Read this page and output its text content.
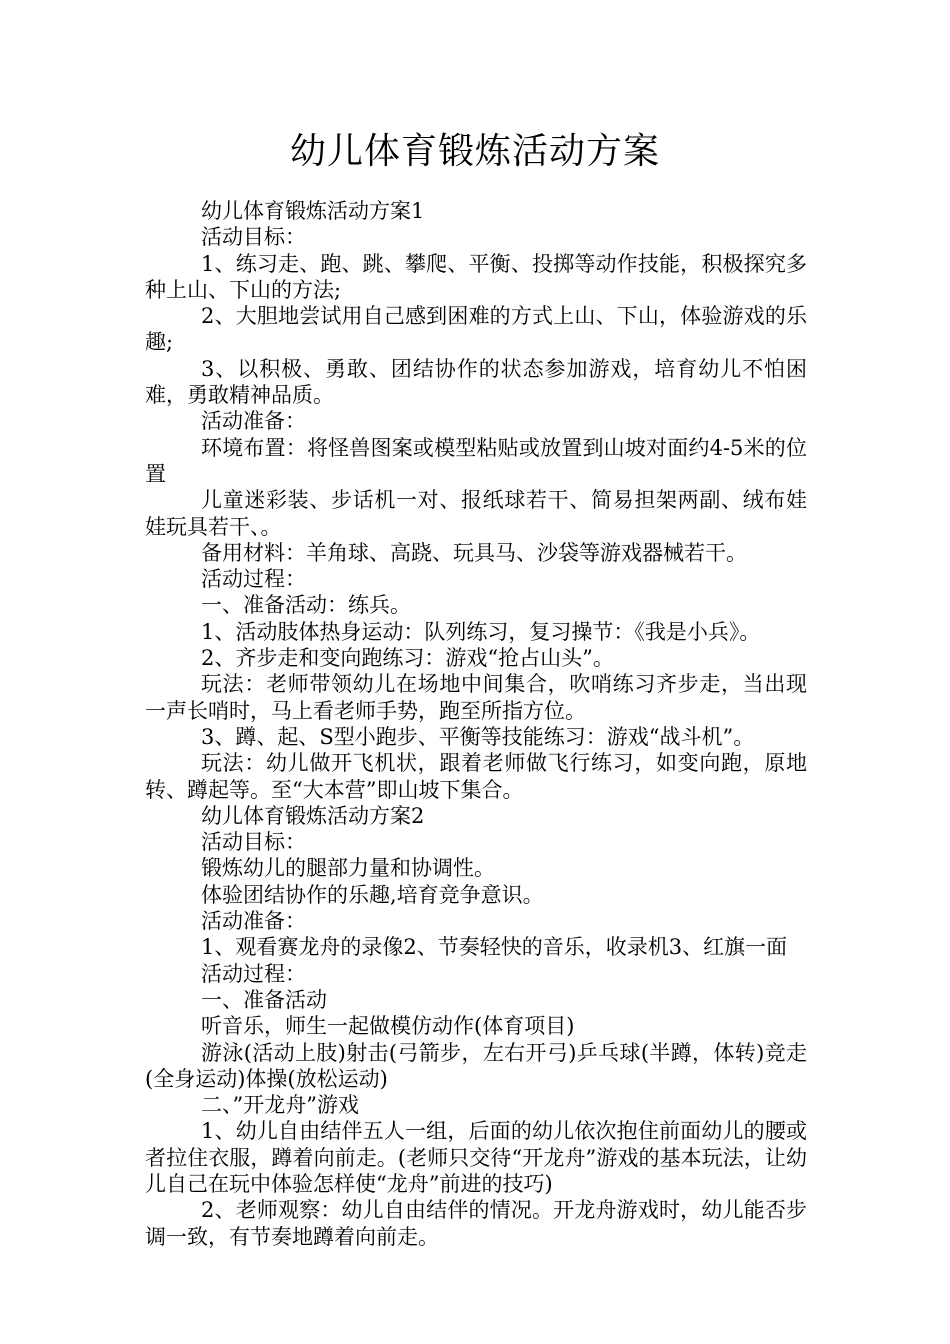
幼儿体育锻炼活动方案

幼儿体育锻炼活动方案1

活动目标：

1、练习走、跑、跳、攀爬、平衡、投掷等动作技能，积极探究多种上山、下山的方法;

2、大胆地尝试用自己感到困难的方式上山、下山，体验游戏的乐趣;

3、以积极、勇敢、团结协作的状态参加游戏，培育幼儿不怕困难，勇敢精神品质。

活动准备：

环境布置：将怪兽图案或模型粘贴或放置到山坡对面约4-5米的位置

儿童迷彩装、步话机一对、报纸球若干、简易担架两副、绒布娃娃玩具若干、。

备用材料：羊角球、高跷、玩具马、沙袋等游戏器械若干。

活动过程：

一、准备活动：练兵。

1、活动肢体热身运动：队列练习，复习操节：《我是小兵》。

2、齐步走和变向跑练习：游戏“抢占山头”。

玩法：老师带领幼儿在场地中间集合，吹哨练习齐步走，当出现一声长哨时，马上看老师手势，跑至所指方位。

3、蹲、起、S型小跑步、平衡等技能练习：游戏“战斗机”。

玩法：幼儿做开飞机状，跟着老师做飞行练习，如变向跑，原地转、蹲起等。至“大本营”即山坡下集合。

幼儿体育锻炼活动方案2

活动目标：

锻炼幼儿的腿部力量和协调性。

体验团结协作的乐趣,培育竞争意识。

活动准备：

1、观看赛龙舟的录像2、节奏轻快的音乐，收录机3、红旗一面

活动过程：

一、准备活动

听音乐，师生一起做模仿动作(体育项目)

游泳(活动上肢)射击(弓箭步，左右开弓)乒乓球(半蹲，体转)竞走(全身运动)体操(放松运动)

二、”开龙舟”游戏

1、幼儿自由结伴五人一组，后面的幼儿依次抱住前面幼儿的腰或者拉住衣服，蹲着向前走。(老师只交待“开龙舟”游戏的基本玩法，让幼儿自己在玩中体验怎样使“龙舟”前进的技巧)

2、老师观察：幼儿自由结伴的情况。开龙舟游戏时，幼儿能否步调一致，有节奏地蹲着向前走。
